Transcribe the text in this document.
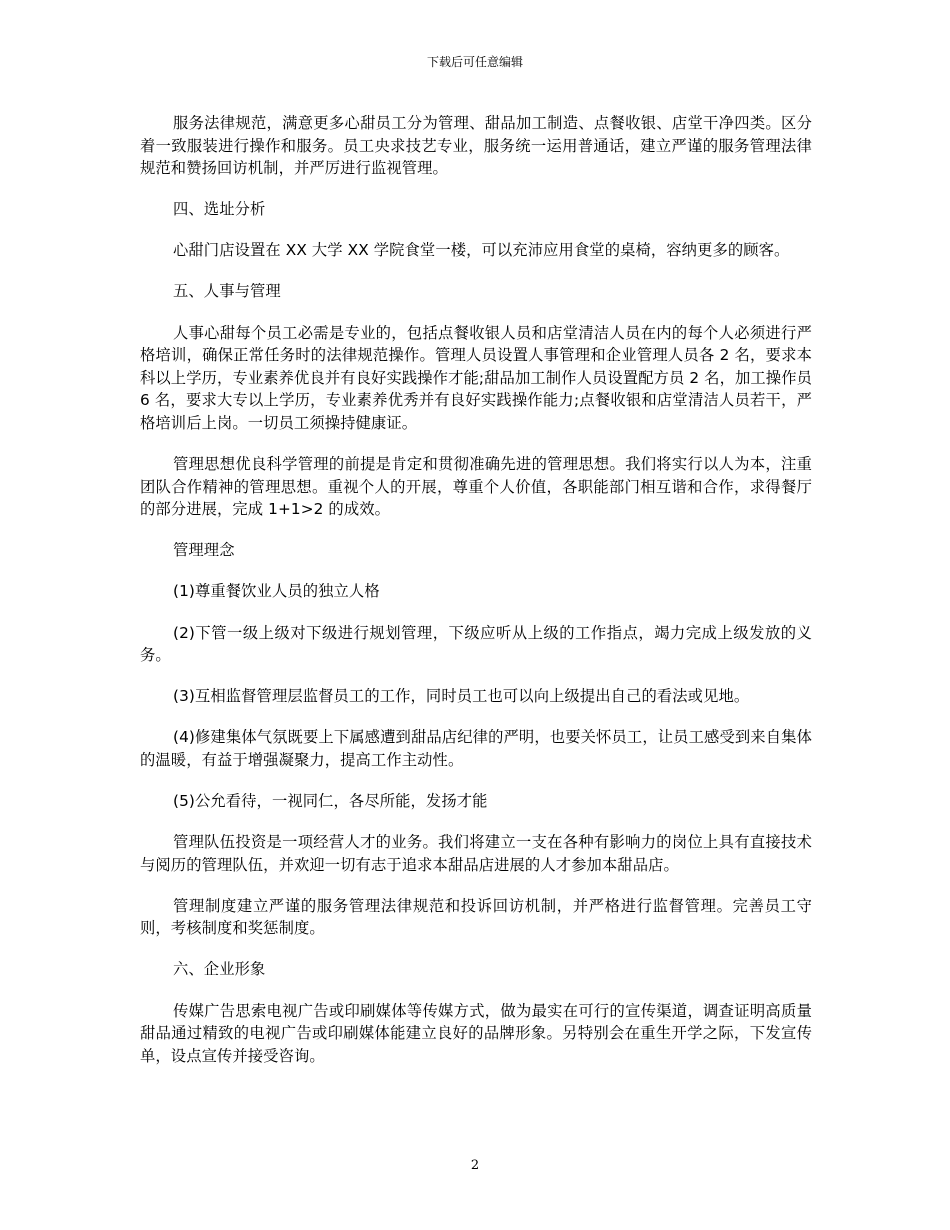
下载后可任意编辑

服务法律规范，满意更多心甜员工分为管理、甜品加工制造、点餐收银、店堂干净四类。区分着一致服装进行操作和服务。员工央求技艺专业，服务统一运用普通话，建立严谨的服务管理法律规范和赞扬回访机制，并严厉进行监视管理。

四、选址分析

心甜门店设置在 XX 大学 XX 学院食堂一楼，可以充沛应用食堂的桌椅，容纳更多的顾客。

五、人事与管理

人事心甜每个员工必需是专业的，包括点餐收银人员和店堂清洁人员在内的每个人必须进行严格培训，确保正常任务时的法律规范操作。管理人员设置人事管理和企业管理人员各 2 名，要求本科以上学历，专业素养优良并有良好实践操作才能;甜品加工制作人员设置配方员 2 名，加工操作员 6 名，要求大专以上学历，专业素养优秀并有良好实践操作能力;点餐收银和店堂清洁人员若干，严格培训后上岗。一切员工须操持健康证。

管理思想优良科学管理的前提是肯定和贯彻准确先进的管理思想。我们将实行以人为本，注重团队合作精神的管理思想。重视个人的开展，尊重个人价值，各职能部门相互谐和合作，求得餐厅的部分进展，完成 1+1>2 的成效。

管理理念

(1)尊重餐饮业人员的独立人格

(2)下管一级上级对下级进行规划管理，下级应听从上级的工作指点，竭力完成上级发放的义务。

(3)互相监督管理层监督员工的工作，同时员工也可以向上级提出自己的看法或见地。

(4)修建集体气氛既要上下属感遭到甜品店纪律的严明，也要关怀员工，让员工感受到来自集体的温暖，有益于增强凝聚力，提高工作主动性。

(5)公允看待，一视同仁，各尽所能，发扬才能

管理队伍投资是一项经营人才的业务。我们将建立一支在各种有影响力的岗位上具有直接技术与阅历的管理队伍，并欢迎一切有志于追求本甜品店进展的人才参加本甜品店。

管理制度建立严谨的服务管理法律规范和投诉回访机制，并严格进行监督管理。完善员工守则，考核制度和奖惩制度。

六、企业形象

传媒广告思索电视广告或印刷媒体等传媒方式，做为最实在可行的宣传渠道，调查证明高质量甜品通过精致的电视广告或印刷媒体能建立良好的品牌形象。另特别会在重生开学之际，下发宣传单，设点宣传并接受咨询。

2
